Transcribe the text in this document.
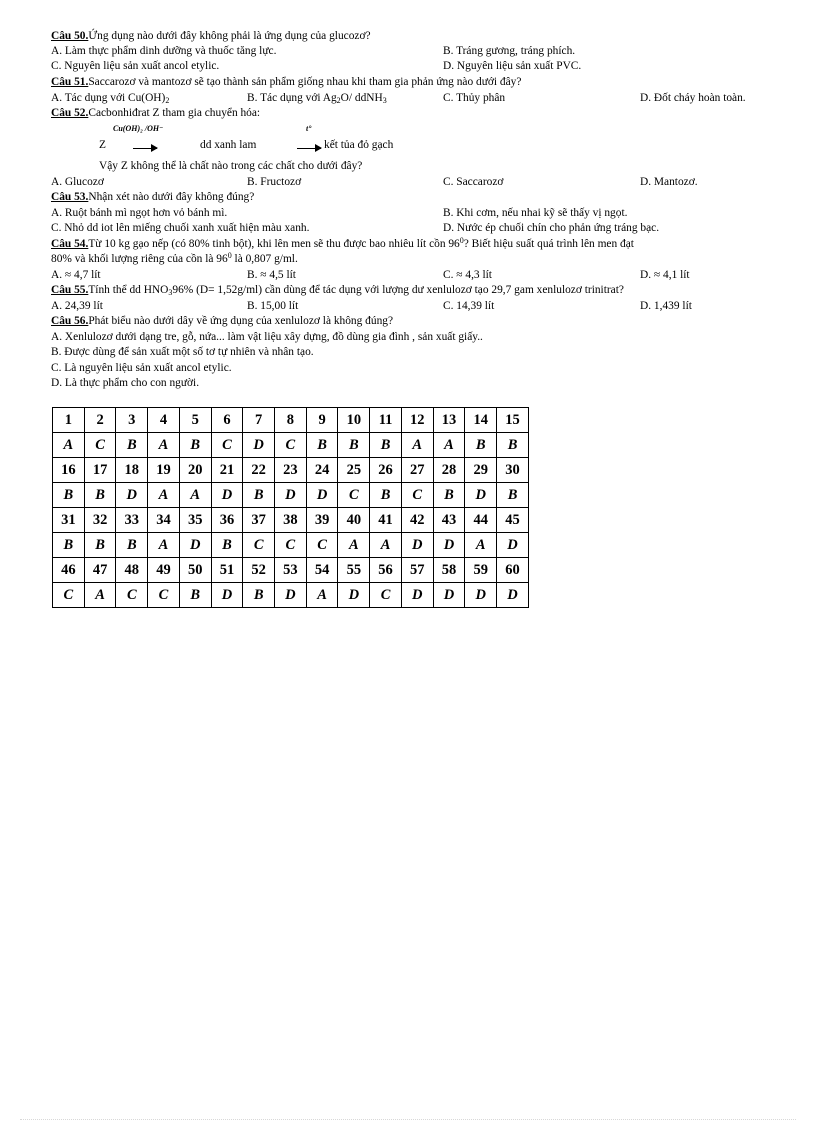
Câu 50.Ứng dụng nào dưới đây không phải là ứng dụng của glucozơ?
A. Làm thực phẩm dinh dưỡng và thuốc tăng lực.	B. Tráng gương, tráng phích.
C. Nguyên liệu sản xuất ancol etylic.	D. Nguyên liệu sản xuất PVC.
Câu 51.Saccarozơ và mantozơ sẽ tạo thành sản phẩm giống nhau khi tham gia phản ứng nào dưới đây?
A. Tác dụng với $Cu(OH)_2$	B. Tác dụng với $Ag_2O/$ ddNH$_3$	C. Thủy phân	D. Đốt cháy hoàn toàn.
Câu 52.Cacbonhiđrat Z tham gia chuyển hóa:
Cu(OH)₂ /OH⁻	t°
Z	dd xanh lam	kết tủa đỏ gạch
Vậy Z không thể là chất nào trong các chất cho dưới đây?
A. Glucozơ	B. Fructozơ	C. Saccarozơ	D. Mantozơ.
Câu 53.Nhận xét nào dưới đây không đúng?
A. Ruột bánh mì ngọt hơn vỏ bánh mì.	B. Khi cơm, nếu nhai kỹ sẽ thấy vị ngọt.
C. Nhỏ dd iot lên miếng chuối xanh xuất hiện màu xanh.	D. Nước ép chuối chín cho phản ứng tráng bạc.
Câu 54.Từ 10 kg gạo nếp (có 80% tinh bột), khi lên men sẽ thu được bao nhiêu lít cồn $96^0$? Biết hiệu suất quá trình lên men đạt
80% và khối lượng riêng của cồn là $96^0$ là 0,807 g/ml.
A. ≈ 4,7 lít	B. ≈ 4,5 lít	C. ≈ 4,3 lít	D. ≈ 4,1 lít
Câu 55.Tính thể dd $HNO_396\%$ (D= 1,52g/ml) cần dùng để tác dụng với lượng dư xenlulozơ tạo 29,7 gam xenlulozơ trinitrat?
A. 24,39 lít	B. 15,00 lít	C. 14,39 lít	D. 1,439 lít
Câu 56.Phát biểu nào dưới dây về ứng dụng của xenlulozơ là không đúng?
A. Xenlulozơ dưới dạng tre, gỗ, nứa... làm vật liệu xây dựng, đồ dùng gia đình , sản xuất giấy..
B. Được dùng để sản xuất một số tơ tự nhiên và nhân tạo.
C. Là nguyên liệu sản xuất ancol etylic.
D. Là thực phẩm cho con người.
1	2	3	4	5	6	7	8	9	10	11	12	13	14	15
A	C	B	A	B	C	D	C	B	B	B	A	A	B	B
16	17	18	19	20	21	22	23	24	25	26	27	28	29	30
B	B	D	A	A	D	B	D	D	C	B	C	B	D	B
31	32	33	34	35	36	37	38	39	40	41	42	43	44	45
B	B	B	A	D	B	C	C	C	A	A	D	D	A	D
46	47	48	49	50	51	52	53	54	55	56	57	58	59	60
C	A	C	C	B	D	B	D	A	D	C	D	D	D	D
